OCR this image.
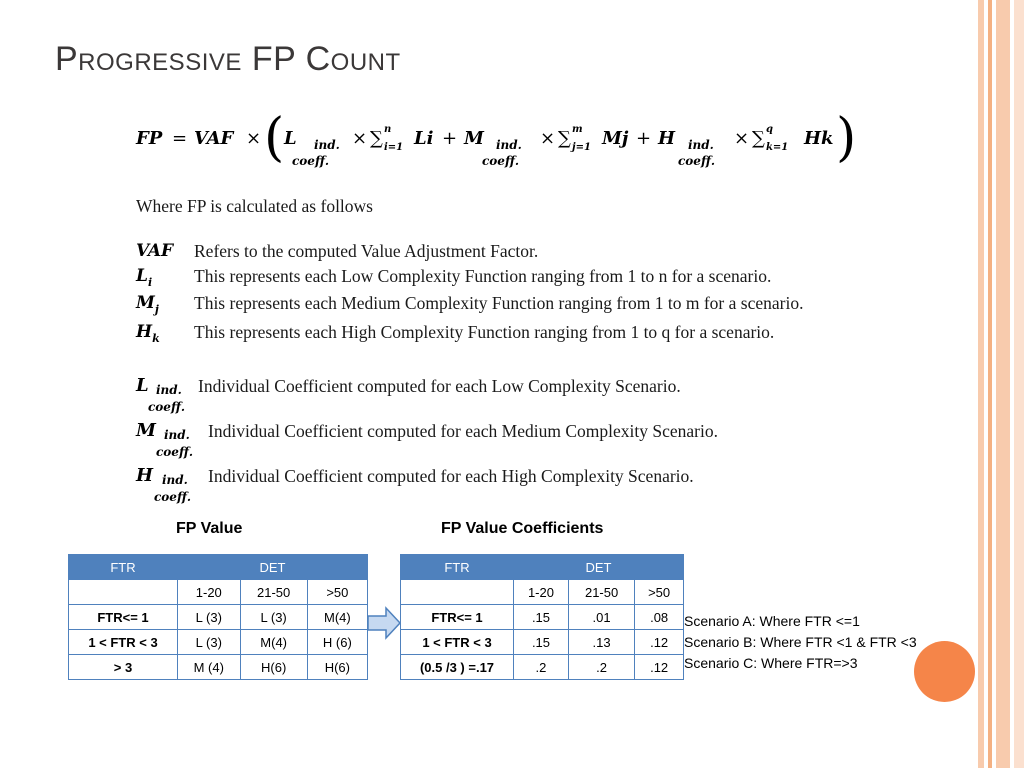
Progressive FP Count
FP = VAF × ( L ind.
coeff.
× ∑ n
i=1 Li + M ind.
coeff.
× ∑ m
j=1 Mj + H ind.
coeff.
× ∑ q
k=1 Hk )
Where FP is calculated as follows
VAF Refers to the computed Value Adjustment Factor.
$L_i$ This represents each Low Complexity Function ranging from 1 to n for a scenario.
$M_j$ This represents each Medium Complexity Function ranging from 1 to m for a scenario.
$H_k$ This represents each High Complexity Function ranging from 1 to q for a scenario.
L ind.
coeff.
Individual Coefficient computed for each Low Complexity Scenario.
M ind.
coeff.
Individual Coefficient computed for each Medium Complexity Scenario.
H ind.
coeff.
Individual Coefficient computed for each High Complexity Scenario.
FP Value	FP Value Coefficients
FTR	DET		
	1-20	21-50	>50
FTR<= 1	L (3)	L (3)	M(4)
1 < FTR < 3	L (3)	M(4)	H (6)
> 3	M (4)	H(6)	H(6)
FTR	DET		
	1-20	21-50	>50
FTR<= 1	.15	.01	.08
1 < FTR < 3	.15	.13	.12
(0.5 /3 ) =.17	.2	.2	.12
Scenario A: Where FTR <=1
Scenario B: Where FTR <1 & FTR <3
Scenario C: Where FTR=>3
